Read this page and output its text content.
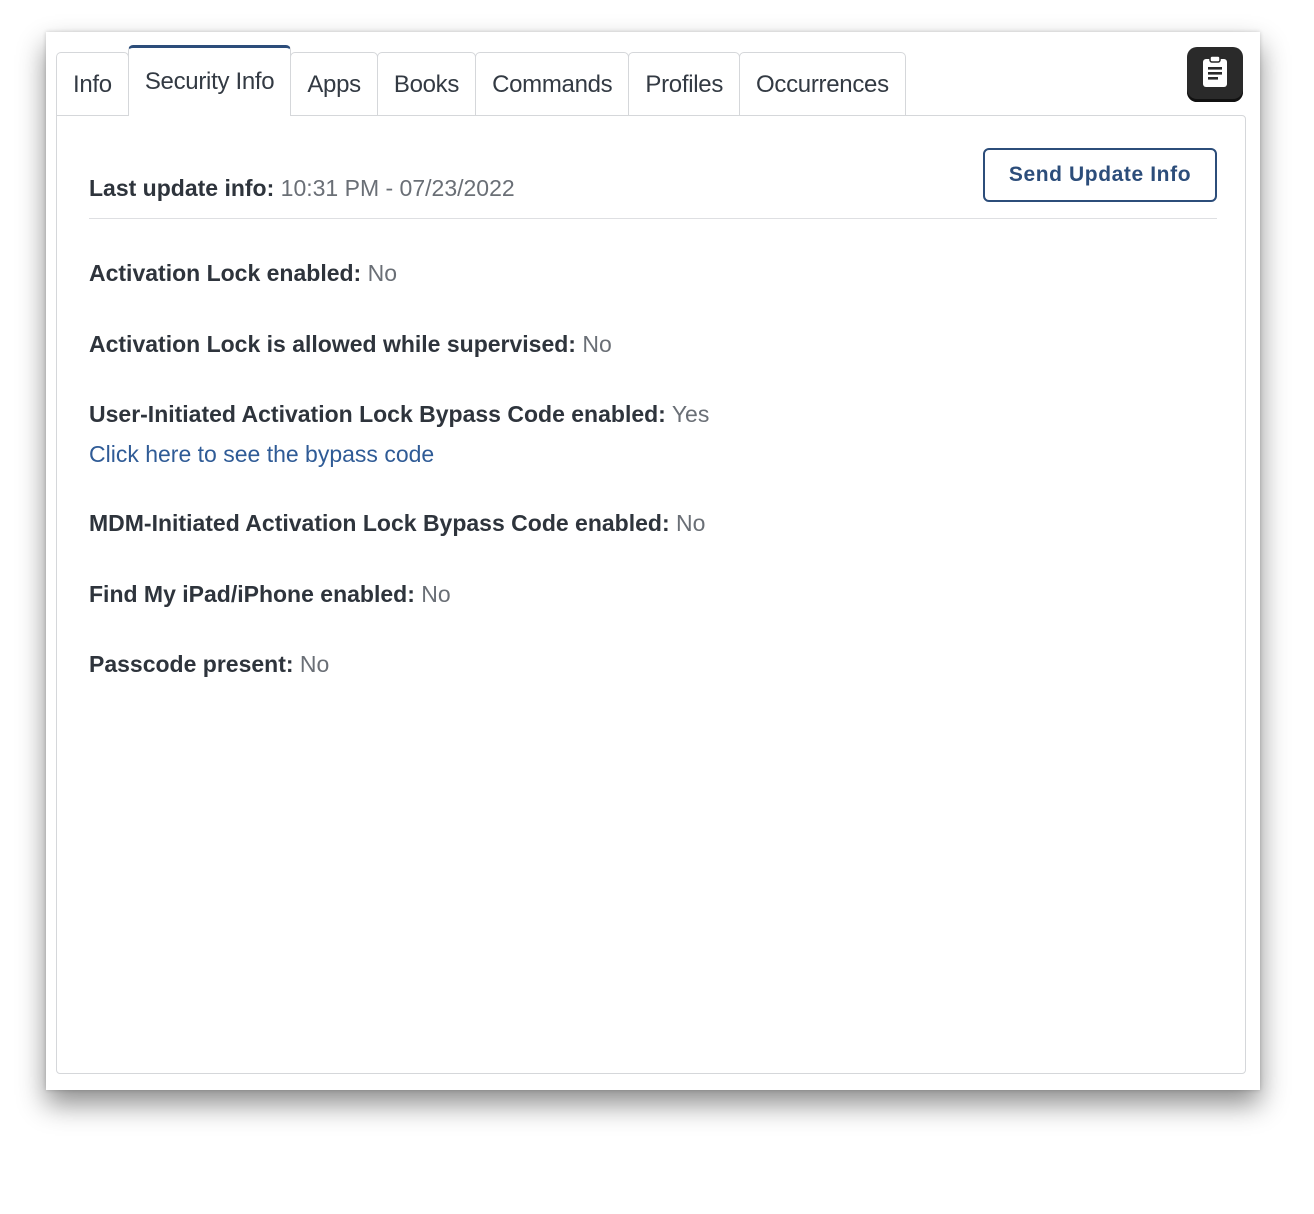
Info	Security Info	Apps	Books	Commands	Profiles	Occurrences
Last update info: 10:31 PM - 07/23/2022
Send Update Info
Activation Lock enabled: No
Activation Lock is allowed while supervised: No
User-Initiated Activation Lock Bypass Code enabled: Yes
Click here to see the bypass code
MDM-Initiated Activation Lock Bypass Code enabled: No
Find My iPad/iPhone enabled: No
Passcode present: No
